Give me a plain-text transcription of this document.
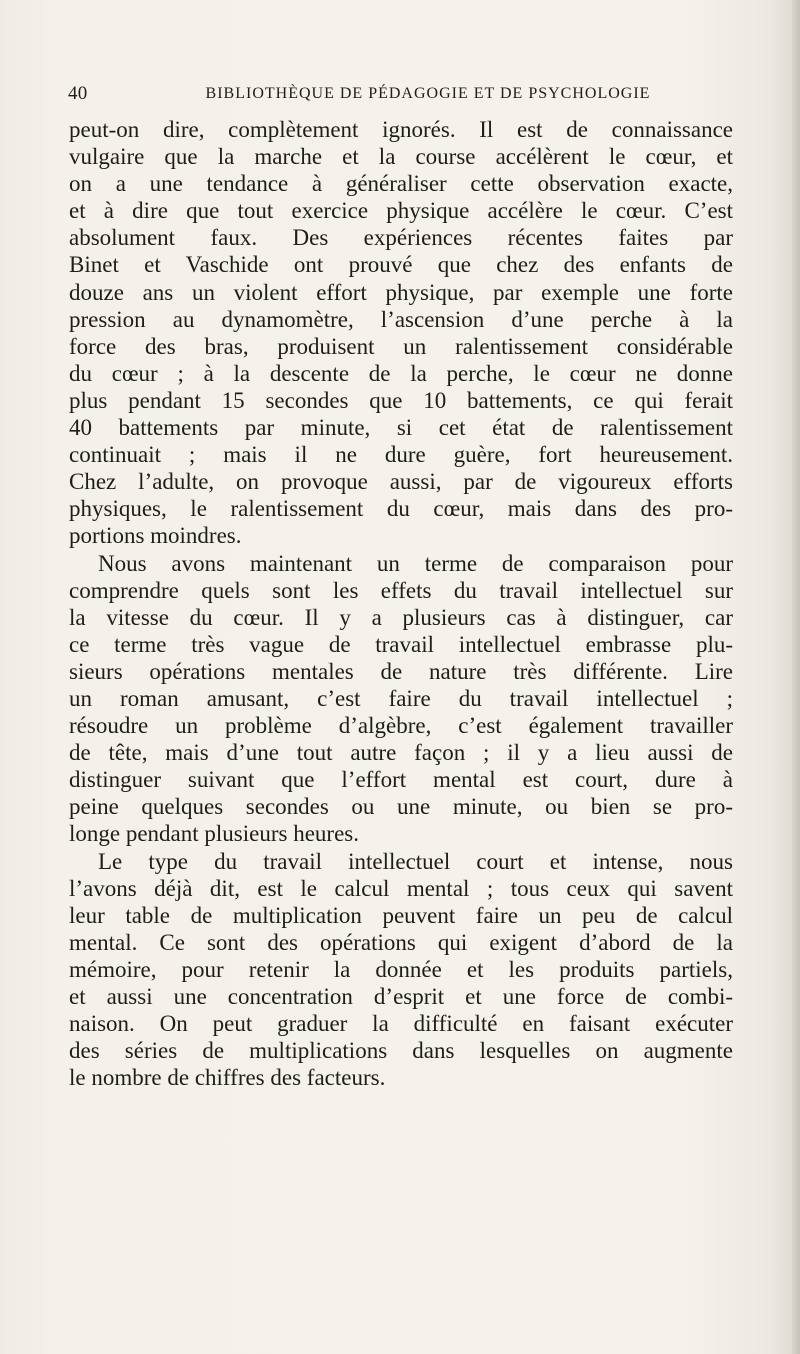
40	BIBLIOTHÈQUE DE PÉDAGOGIE ET DE PSYCHOLOGIE
peut-on dire, complètement ignorés. Il est de connaissance
vulgaire que la marche et la course accélèrent le cœur, et
on a une tendance à généraliser cette observation exacte,
et à dire que tout exercice physique accélère le cœur. C’est
absolument faux. Des expériences récentes faites par
Binet et Vaschide ont prouvé que chez des enfants de
douze ans un violent effort physique, par exemple une forte
pression au dynamomètre, l’ascension d’une perche à la
force des bras, produisent un ralentissement considérable
du cœur ; à la descente de la perche, le cœur ne donne
plus pendant 15 secondes que 10 battements, ce qui ferait
40 battements par minute, si cet état de ralentissement
continuait ; mais il ne dure guère, fort heureusement.
Chez l’adulte, on provoque aussi, par de vigoureux efforts
physiques, le ralentissement du cœur, mais dans des pro-
portions moindres.
Nous avons maintenant un terme de comparaison pour
comprendre quels sont les effets du travail intellectuel sur
la vitesse du cœur. Il y a plusieurs cas à distinguer, car
ce terme très vague de travail intellectuel embrasse plu-
sieurs opérations mentales de nature très différente. Lire
un roman amusant, c’est faire du travail intellectuel ;
résoudre un problème d’algèbre, c’est également travailler
de tête, mais d’une tout autre façon ; il y a lieu aussi de
distinguer suivant que l’effort mental est court, dure à
peine quelques secondes ou une minute, ou bien se pro-
longe pendant plusieurs heures.
Le type du travail intellectuel court et intense, nous
l’avons déjà dit, est le calcul mental ; tous ceux qui savent
leur table de multiplication peuvent faire un peu de calcul
mental. Ce sont des opérations qui exigent d’abord de la
mémoire, pour retenir la donnée et les produits partiels,
et aussi une concentration d’esprit et une force de combi-
naison. On peut graduer la difficulté en faisant exécuter
des séries de multiplications dans lesquelles on augmente
le nombre de chiffres des facteurs.
